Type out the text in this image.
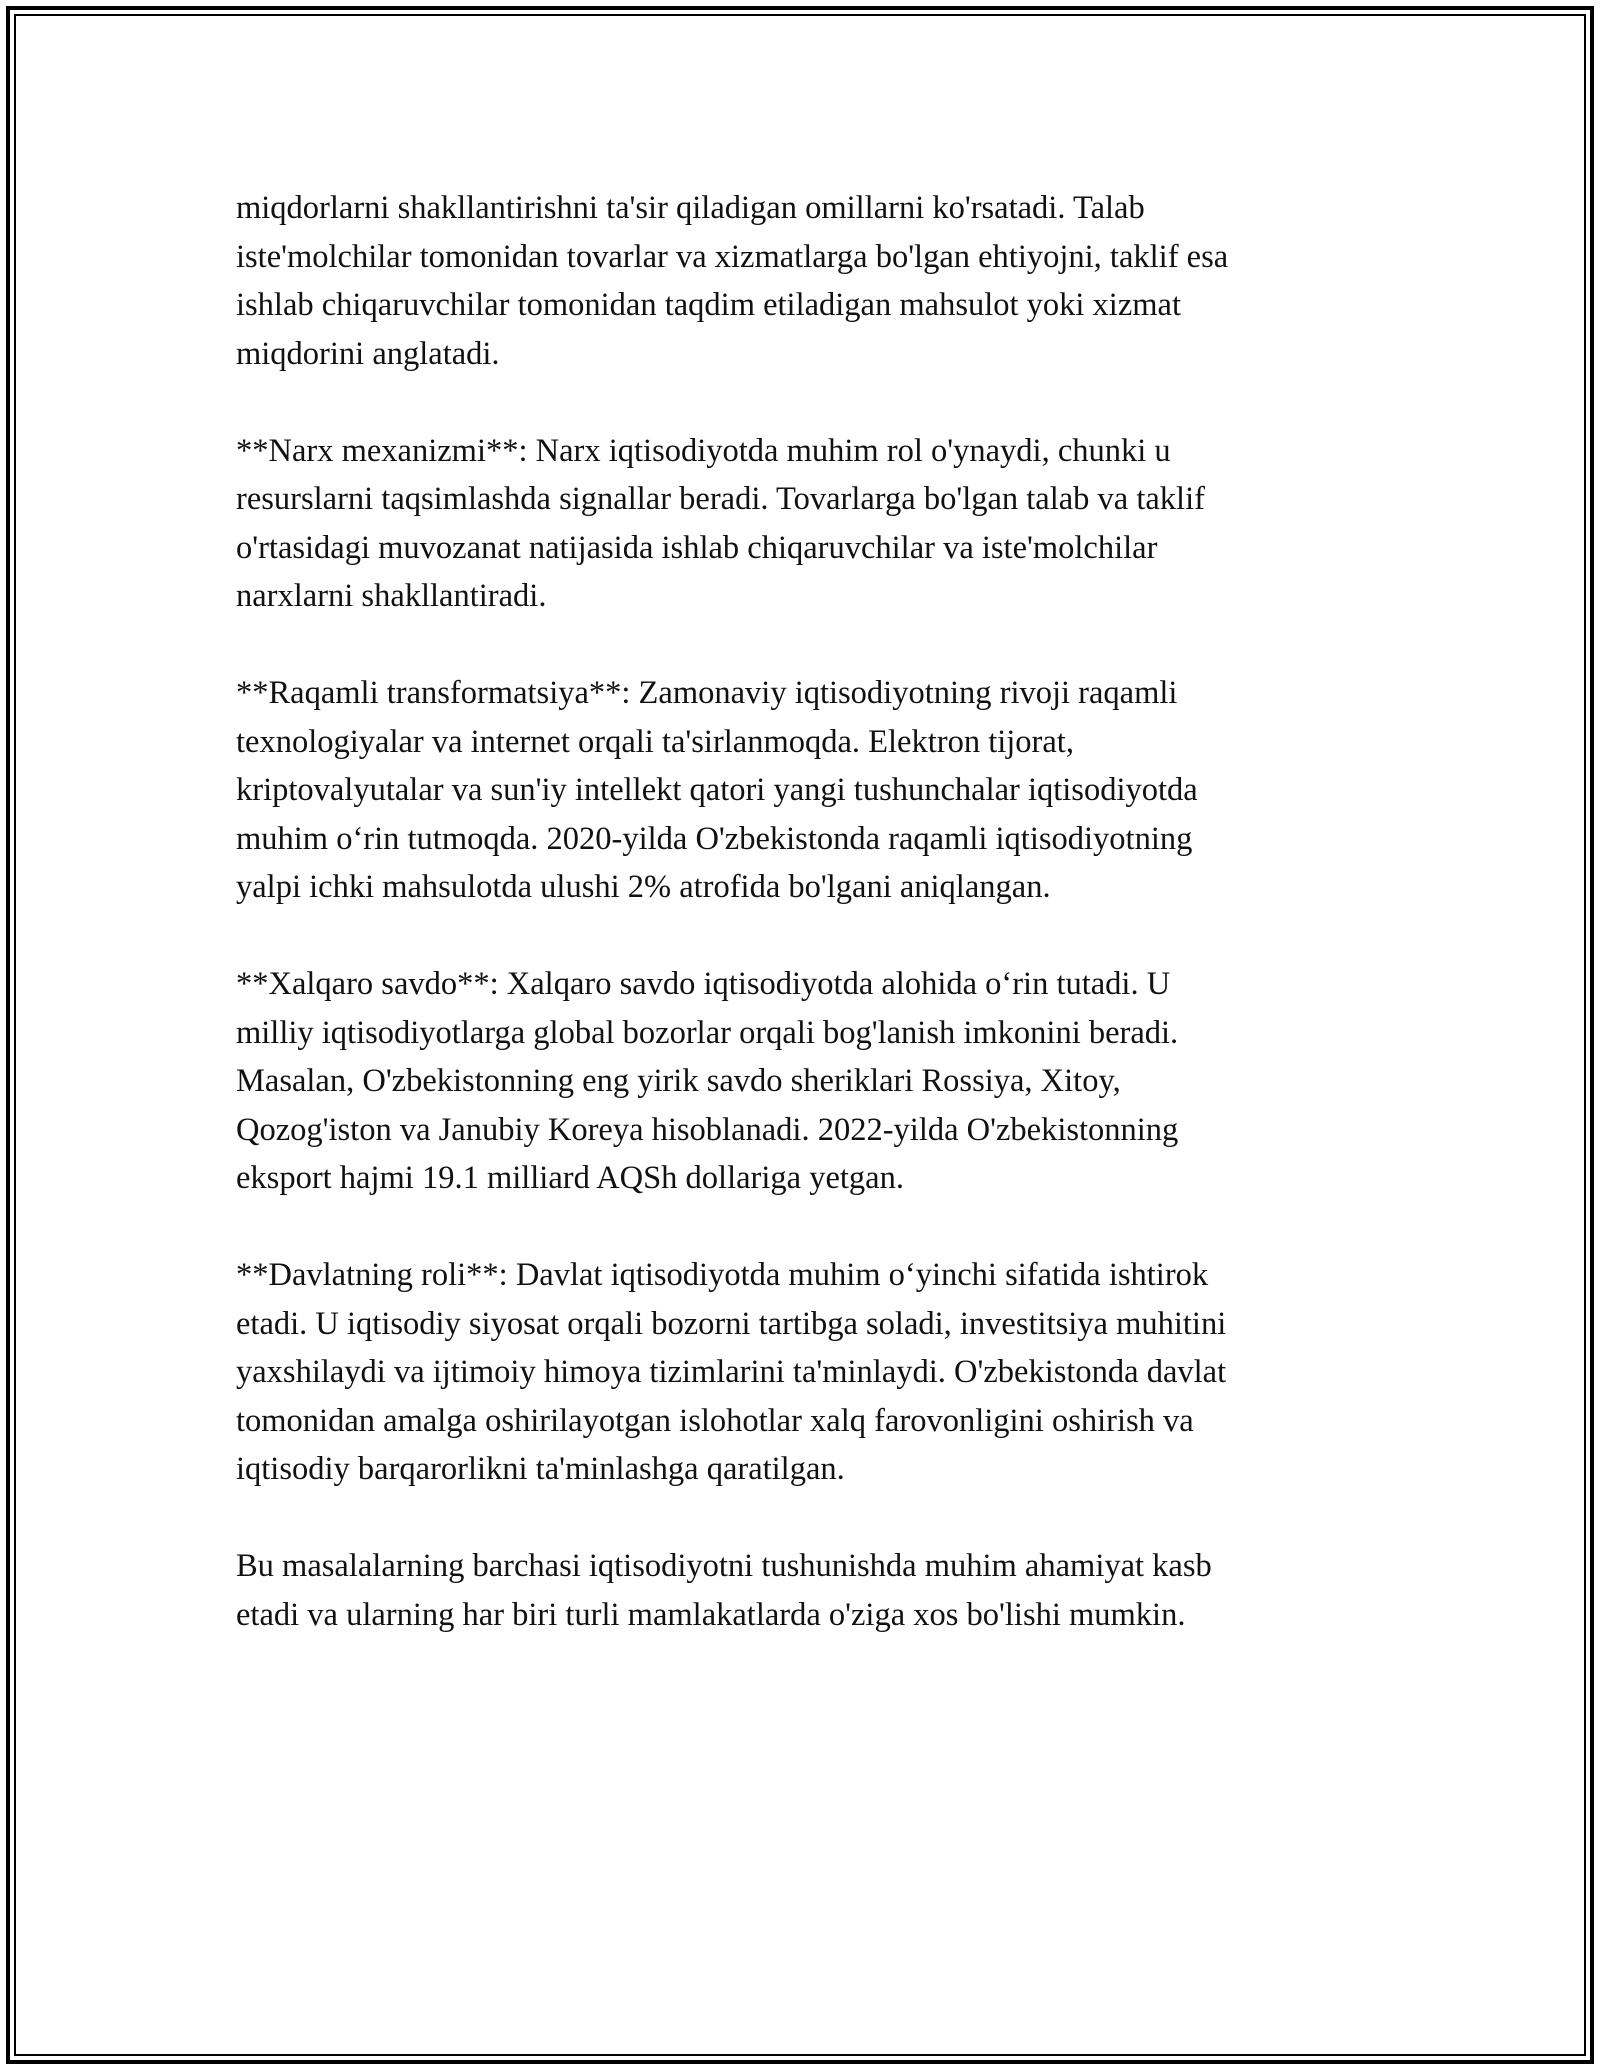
miqdorlarni shakllantirishni ta'sir qiladigan omillarni ko'rsatadi. Talab
iste'molchilar tomonidan tovarlar va xizmatlarga bo'lgan ehtiyojni, taklif esa
ishlab chiqaruvchilar tomonidan taqdim etiladigan mahsulot yoki xizmat
miqdorini anglatadi.

**Narx mexanizmi**: Narx iqtisodiyotda muhim rol o'ynaydi, chunki u
resurslarni taqsimlashda signallar beradi. Tovarlarga bo'lgan talab va taklif
o'rtasidagi muvozanat natijasida ishlab chiqaruvchilar va iste'molchilar
narxlarni shakllantiradi.

**Raqamli transformatsiya**: Zamonaviy iqtisodiyotning rivoji raqamli
texnologiyalar va internet orqali ta'sirlanmoqda. Elektron tijorat,
kriptovalyutalar va sun'iy intellekt qatori yangi tushunchalar iqtisodiyotda
muhim o‘rin tutmoqda. 2020-yilda O'zbekistonda raqamli iqtisodiyotning
yalpi ichki mahsulotda ulushi 2% atrofida bo'lgani aniqlangan.

**Xalqaro savdo**: Xalqaro savdo iqtisodiyotda alohida o‘rin tutadi. U
milliy iqtisodiyotlarga global bozorlar orqali bog'lanish imkonini beradi.
Masalan, O'zbekistonning eng yirik savdo sheriklari Rossiya, Xitoy,
Qozog'iston va Janubiy Koreya hisoblanadi. 2022-yilda O'zbekistonning
eksport hajmi 19.1 milliard AQSh dollariga yetgan.

**Davlatning roli**: Davlat iqtisodiyotda muhim o‘yinchi sifatida ishtirok
etadi. U iqtisodiy siyosat orqali bozorni tartibga soladi, investitsiya muhitini
yaxshilaydi va ijtimoiy himoya tizimlarini ta'minlaydi. O'zbekistonda davlat
tomonidan amalga oshirilayotgan islohotlar xalq farovonligini oshirish va
iqtisodiy barqarorlikni ta'minlashga qaratilgan.

Bu masalalarning barchasi iqtisodiyotni tushunishda muhim ahamiyat kasb
etadi va ularning har biri turli mamlakatlarda o'ziga xos bo'lishi mumkin.
